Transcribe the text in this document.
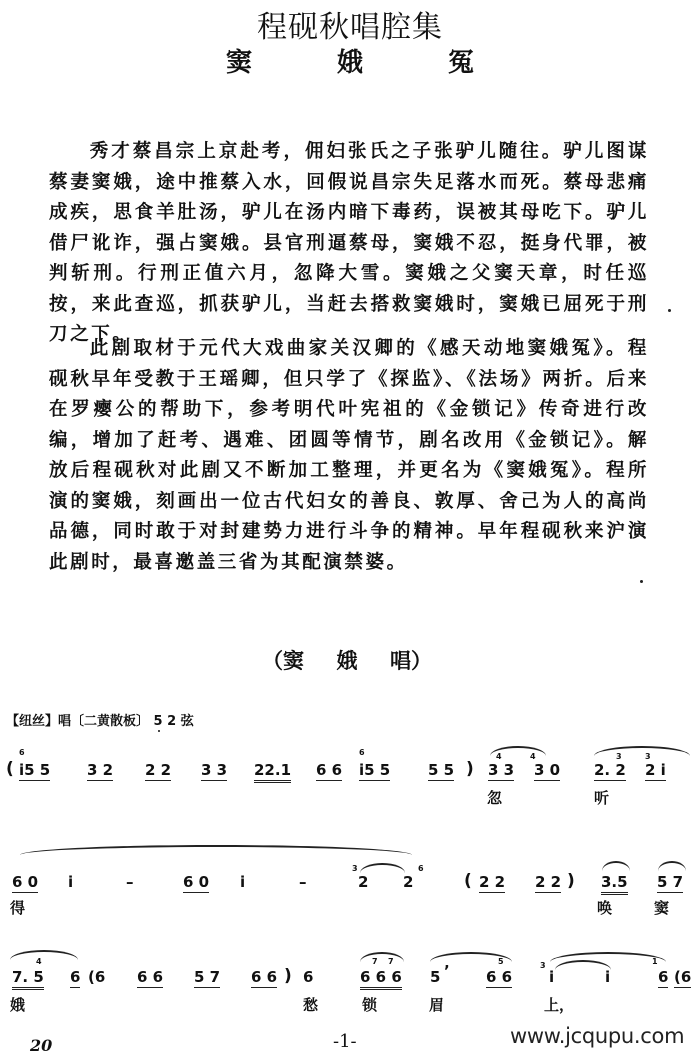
程砚秋唱腔集
窦	娥	冤

秀才蔡昌宗上京赴考，佣妇张氏之子张驴儿随往。驴儿图谋蔡妻窦娥，途中推蔡入水，回假说昌宗失足落水而死。蔡母悲痛成疾，思食羊肚汤，驴儿在汤内暗下毒药，误被其母吃下。驴儿借尸讹诈，强占窦娥。县官刑逼蔡母，窦娥不忍，挺身代罪，被判斩刑。行刑正值六月，忽降大雪。窦娥之父窦天章，时任巡按，来此查巡，抓获驴儿，当赶去搭救窦娥时，窦娥已屈死于刑刀之下。

此剧取材于元代大戏曲家关汉卿的《感天动地窦娥冤》。程砚秋早年受教于王瑶卿，但只学了《探监》、《法场》两折。后来在罗瘿公的帮助下，参考明代叶宪祖的《金锁记》传奇进行改编，增加了赶考、遇难、团圆等情节，剧名改用《金锁记》。解放后程砚秋对此剧又不断加工整理，并更名为《窦娥冤》。程所演的窦娥，刻画出一位古代妇女的善良、敦厚、舍己为人的高尚品德，同时敢于对封建势力进行斗争的精神。早年程砚秋来沪演此剧时，最喜邀盖三省为其配演禁婆。

（窦 娥 唱）
【纽丝】唱〔二黄散板〕 5 2 弦
(
6
i5 5 3 2 2 2 3 3 22.1 6 6
6
i5 5	5 5 )
4	4
3 3 3 0
3	3
2. 2 2 i
忽	听
6 0 i	–	6 0 i	–
3
2 2
6
( 2 2 2 2 ) 3.5 5 7
得	唤	窦
4
7. 5 6 (6 6 6 5 7 6 6 ) 6
7 7
6 6 6 5 ’
5
6 6
3
i	i
1
6 (6
娥	愁	锁	眉	上，
20	-1-	www.jcqupu.com
